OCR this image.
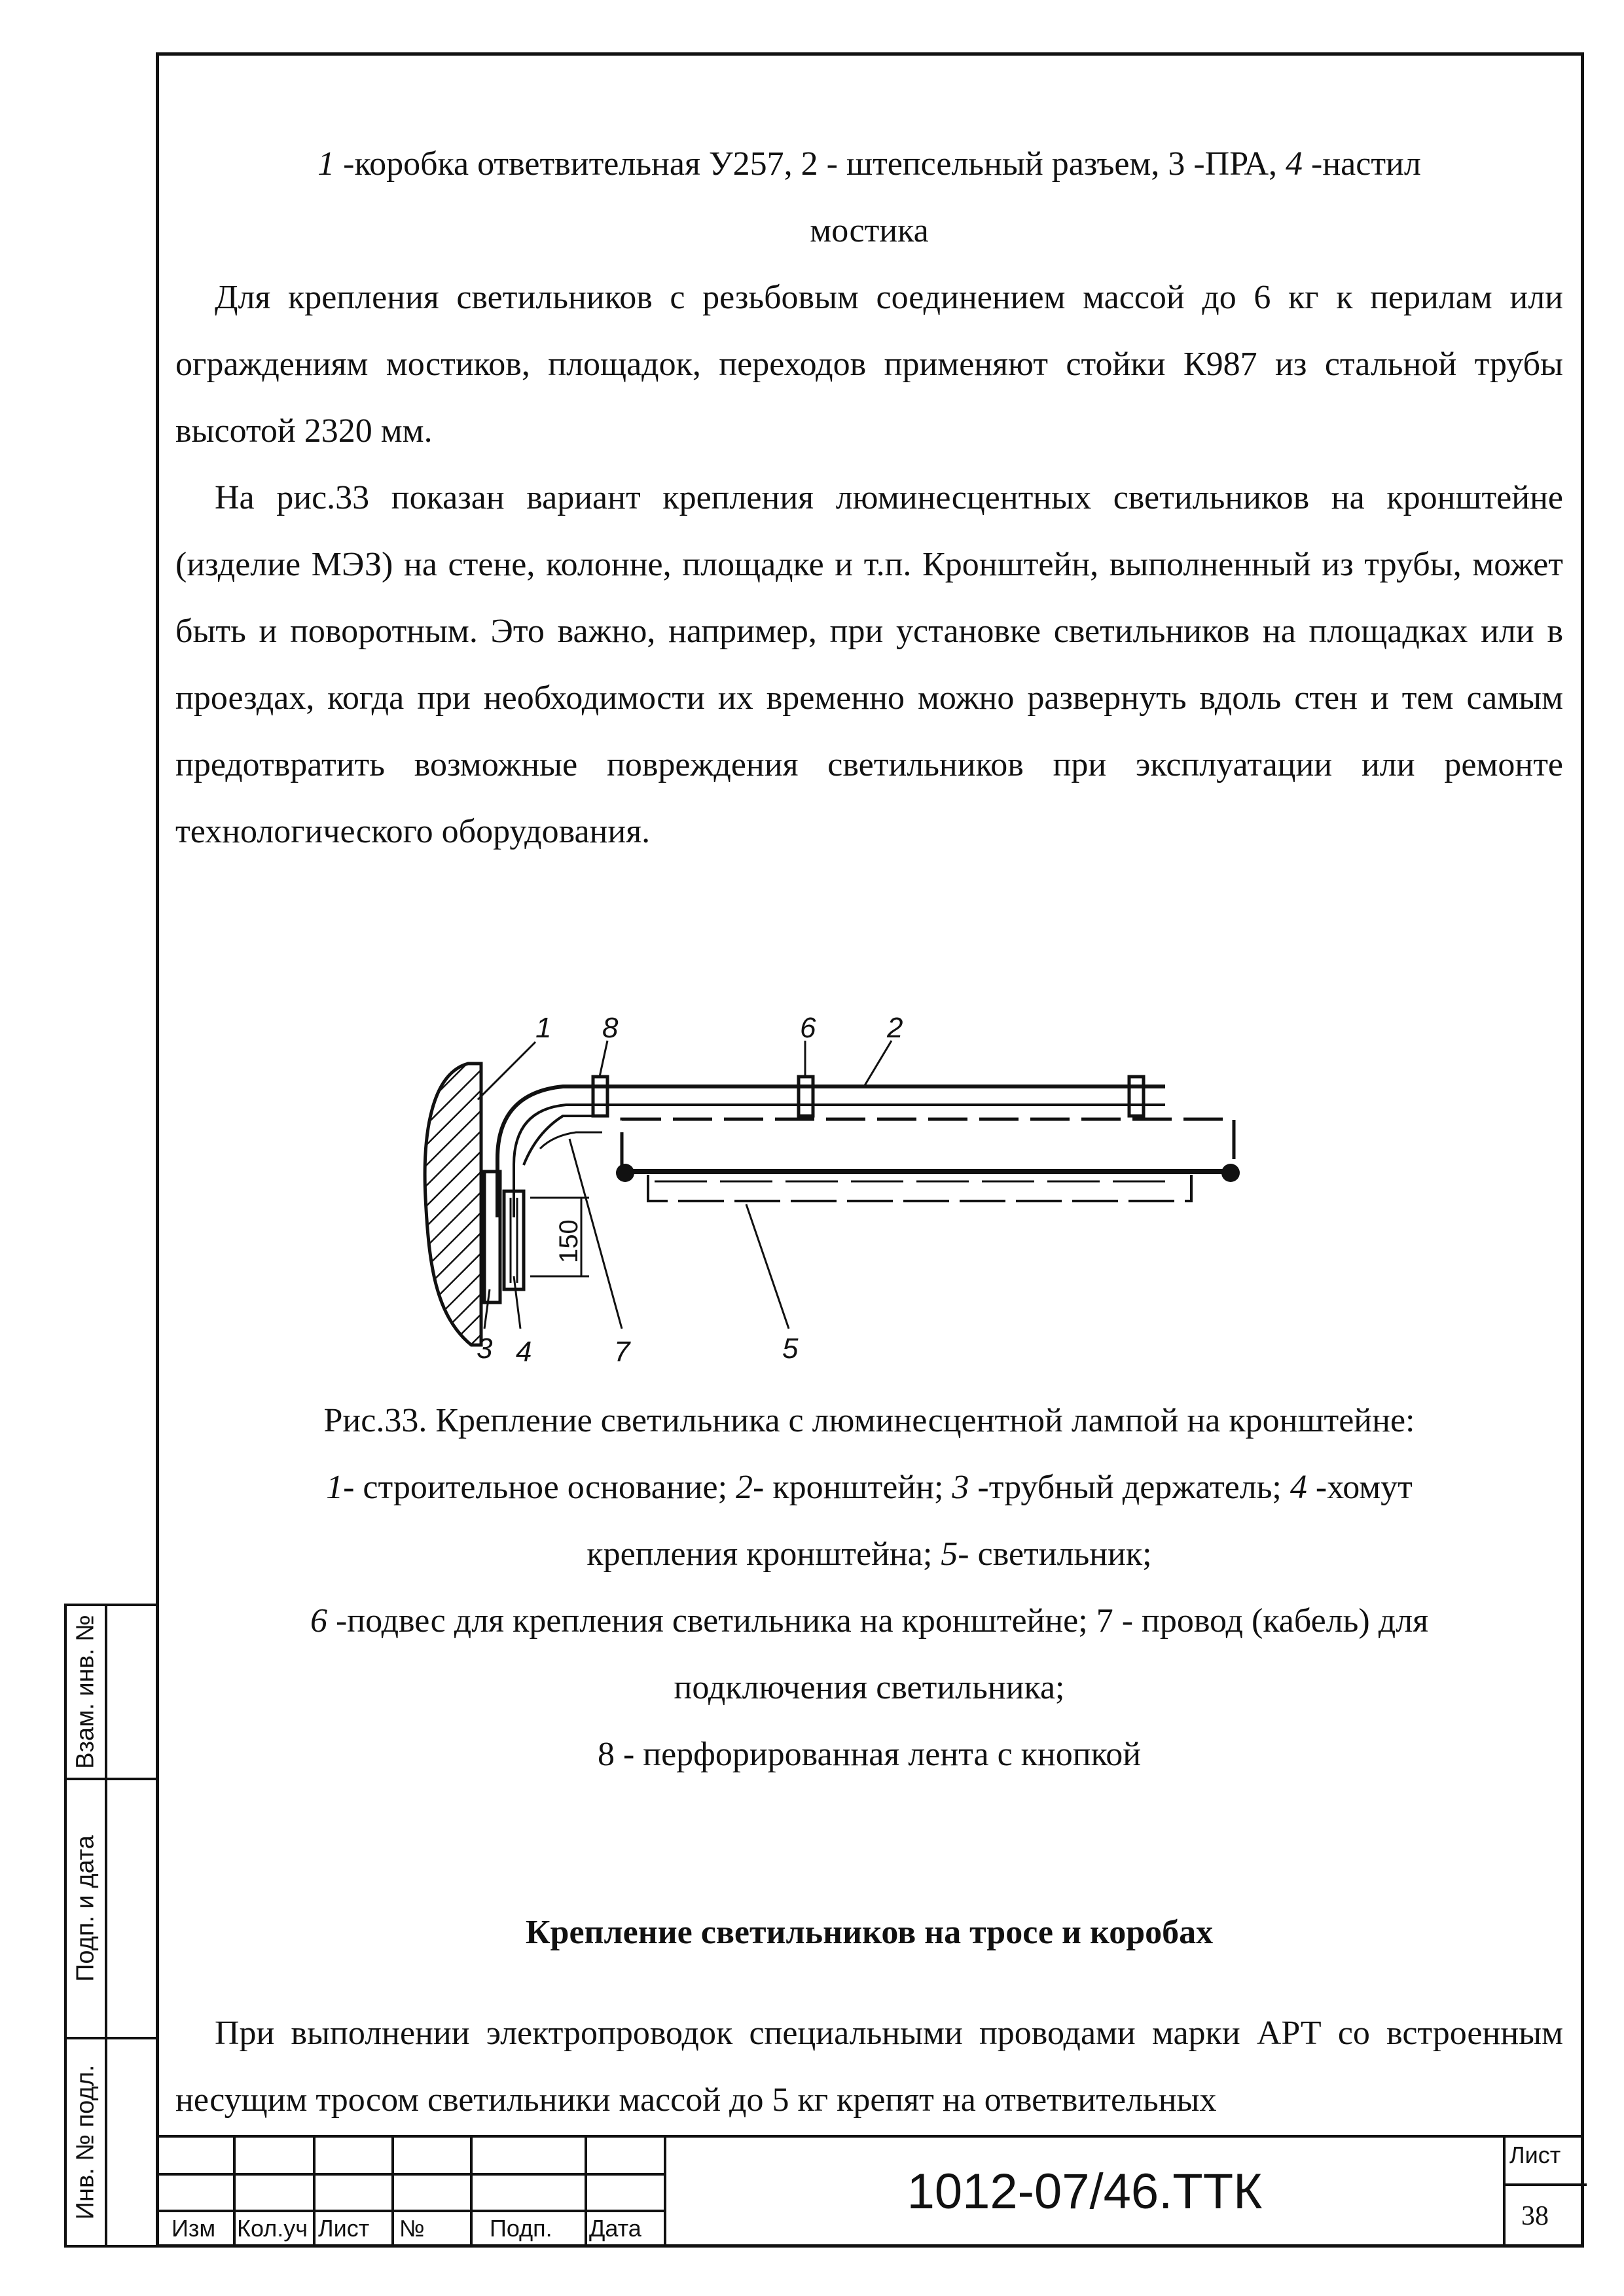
1 -коробка ответвительная У257, 2 - штепсельный разъем, 3 -ПРА, 4 -настил

мостика

Для крепления светильников с резьбовым соединением массой до 6 кг к перилам или ограждениям мостиков, площадок, переходов применяют стойки К987 из стальной трубы высотой 2320 мм.

На рис.33 показан вариант крепления люминесцентных светильников на кронштейне (изделие МЭЗ) на стене, колонне, площадке и т.п. Кронштейн, выполненный из трубы, может быть и поворотным. Это важно, например, при установке светильников на площадках или в проездах, когда при необходимости их временно можно развернуть вдоль стен и тем самым предотвратить возможные повреждения светильников при эксплуатации или ремонте технологического оборудования.

150
1 8	6 2
3 4	7	5

Рис.33. Крепление светильника с люминесцентной лампой на кронштейне:

1- строительное основание; 2- кронштейн; 3 -трубный держатель; 4 -хомут

крепления кронштейна; 5- светильник;

6 -подвес для крепления светильника на кронштейне; 7 - провод (кабель) для

подключения светильника;

8 - перфорированная лента с кнопкой

Крепление светильников на тросе и коробах

При выполнении электропроводок специальными проводами марки АРТ со встроенным несущим тросом светильники массой до 5 кг крепят на ответвительных

Взам. инв. №
Подп. и дата
Инв. № подл.
Изм Кол.уч Лист №	Подп. Дата
1012-07/46.ТТК
Лист
38
